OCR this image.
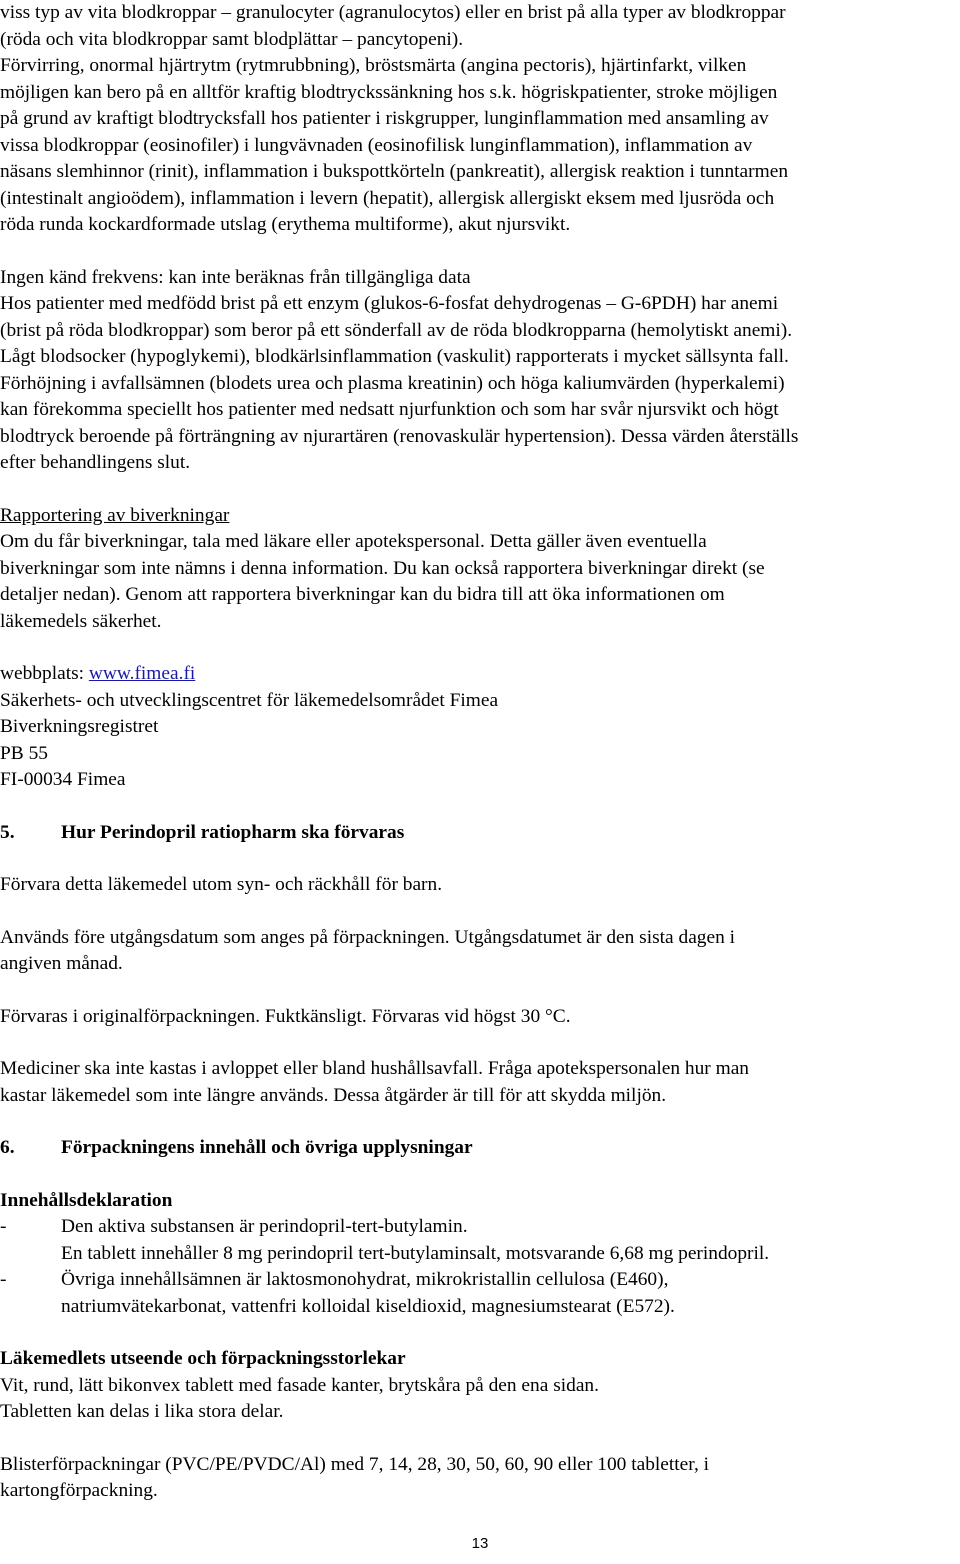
viss typ av vita blodkroppar – granulocyter (agranulocytos) eller en brist på alla typer av blodkroppar
(röda och vita blodkroppar samt blodplättar – pancytopeni).
Förvirring, onormal hjärtrytm (rytmrubbning), bröstsmärta (angina pectoris), hjärtinfarkt, vilken
möjligen kan bero på en alltför kraftig blodtryckssänkning hos s.k. högriskpatienter, stroke möjligen
på grund av kraftigt blodtrycksfall hos patienter i riskgrupper, lunginflammation med ansamling av
vissa blodkroppar (eosinofiler) i lungvävnaden (eosinofilisk lunginflammation), inflammation av
näsans slemhinnor (rinit), inflammation i bukspottkörteln (pankreatit), allergisk reaktion i tunntarmen
(intestinalt angioödem), inflammation i levern (hepatit), allergisk allergiskt eksem med ljusröda och
röda runda kockardformade utslag (erythema multiforme), akut njursvikt.

Ingen känd frekvens: kan inte beräknas från tillgängliga data
Hos patienter med medfödd brist på ett enzym (glukos-6-fosfat dehydrogenas – G-6PDH) har anemi
(brist på röda blodkroppar) som beror på ett sönderfall av de röda blodkropparna (hemolytiskt anemi).
Lågt blodsocker (hypoglykemi), blodkärlsinflammation (vaskulit) rapporterats i mycket sällsynta fall.
Förhöjning i avfallsämnen (blodets urea och plasma kreatinin) och höga kaliumvärden (hyperkalemi)
kan förekomma speciellt hos patienter med nedsatt njurfunktion och som har svår njursvikt och högt
blodtryck beroende på förträngning av njurartären (renovaskulär hypertension). Dessa värden återställs
efter behandlingens slut.

Rapportering av biverkningar
Om du får biverkningar, tala med läkare eller apotekspersonal. Detta gäller även eventuella
biverkningar som inte nämns i denna information. Du kan också rapportera biverkningar direkt (se
detaljer nedan). Genom att rapportera biverkningar kan du bidra till att öka informationen om
läkemedels säkerhet.

webbplats: www.fimea.fi
Säkerhets- och utvecklingscentret för läkemedelsområdet Fimea
Biverkningsregistret
PB 55
FI-00034 Fimea

5. Hur Perindopril ratiopharm ska förvaras

Förvara detta läkemedel utom syn- och räckhåll för barn.

Används före utgångsdatum som anges på förpackningen. Utgångsdatumet är den sista dagen i
angiven månad.

Förvaras i originalförpackningen. Fuktkänsligt. Förvaras vid högst 30 °C.

Mediciner ska inte kastas i avloppet eller bland hushållsavfall. Fråga apotekspersonalen hur man
kastar läkemedel som inte längre används. Dessa åtgärder är till för att skydda miljön.

6. Förpackningens innehåll och övriga upplysningar

Innehållsdeklaration

-	Den aktiva substansen är perindopril-tert-butylamin.
En tablett innehåller 8 mg perindopril tert-butylaminsalt, motsvarande 6,68 mg perindopril.
-	Övriga innehållsämnen är laktosmonohydrat, mikrokristallin cellulosa (E460),
natriumvätekarbonat, vattenfri kolloidal kiseldioxid, magnesiumstearat (E572).

Läkemedlets utseende och förpackningsstorlekar
Vit, rund, lätt bikonvex tablett med fasade kanter, brytskåra på den ena sidan.
Tabletten kan delas i lika stora delar.

Blisterförpackningar (PVC/PE/PVDC/Al) med 7, 14, 28, 30, 50, 60, 90 eller 100 tabletter, i
kartongförpackning.

13
